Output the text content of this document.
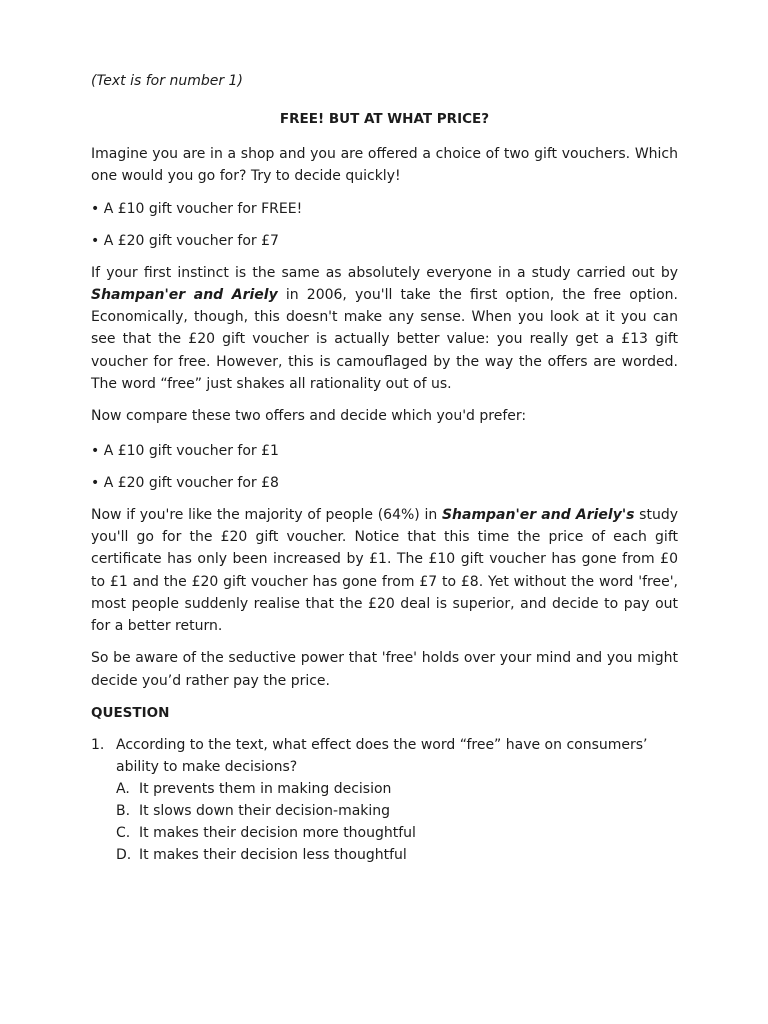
(Text is for number 1)

FREE! BUT AT WHAT PRICE?

Imagine you are in a shop and you are offered a choice of two gift vouchers. Which one would you go for? Try to decide quickly!

• A £10 gift voucher for FREE!

• A £20 gift voucher for £7

If your first instinct is the same as absolutely everyone in a study carried out by Shampan'er and Ariely in 2006, you'll take the first option, the free option. Economically, though, this doesn't make any sense. When you look at it you can see that the £20 gift voucher is actually better value: you really get a £13 gift voucher for free. However, this is camouflaged by the way the offers are worded. The word “free” just shakes all rationality out of us.

Now compare these two offers and decide which you'd prefer:

• A £10 gift voucher for £1

• A £20 gift voucher for £8

Now if you're like the majority of people (64%) in Shampan'er and Ariely's study you'll go for the £20 gift voucher. Notice that this time the price of each gift certificate has only been increased by £1. The £10 gift voucher has gone from £0 to £1 and the £20 gift voucher has gone from £7 to £8. Yet without the word 'free', most people suddenly realise that the £20 deal is superior, and decide to pay out for a better return.

So be aware of the seductive power that 'free' holds over your mind and you might decide you’d rather pay the price.

QUESTION

1. According to the text, what effect does the word “free” have on consumers’ ability to make decisions?
A. It prevents them in making decision
B. It slows down their decision-making
C. It makes their decision more thoughtful
D. It makes their decision less thoughtful
